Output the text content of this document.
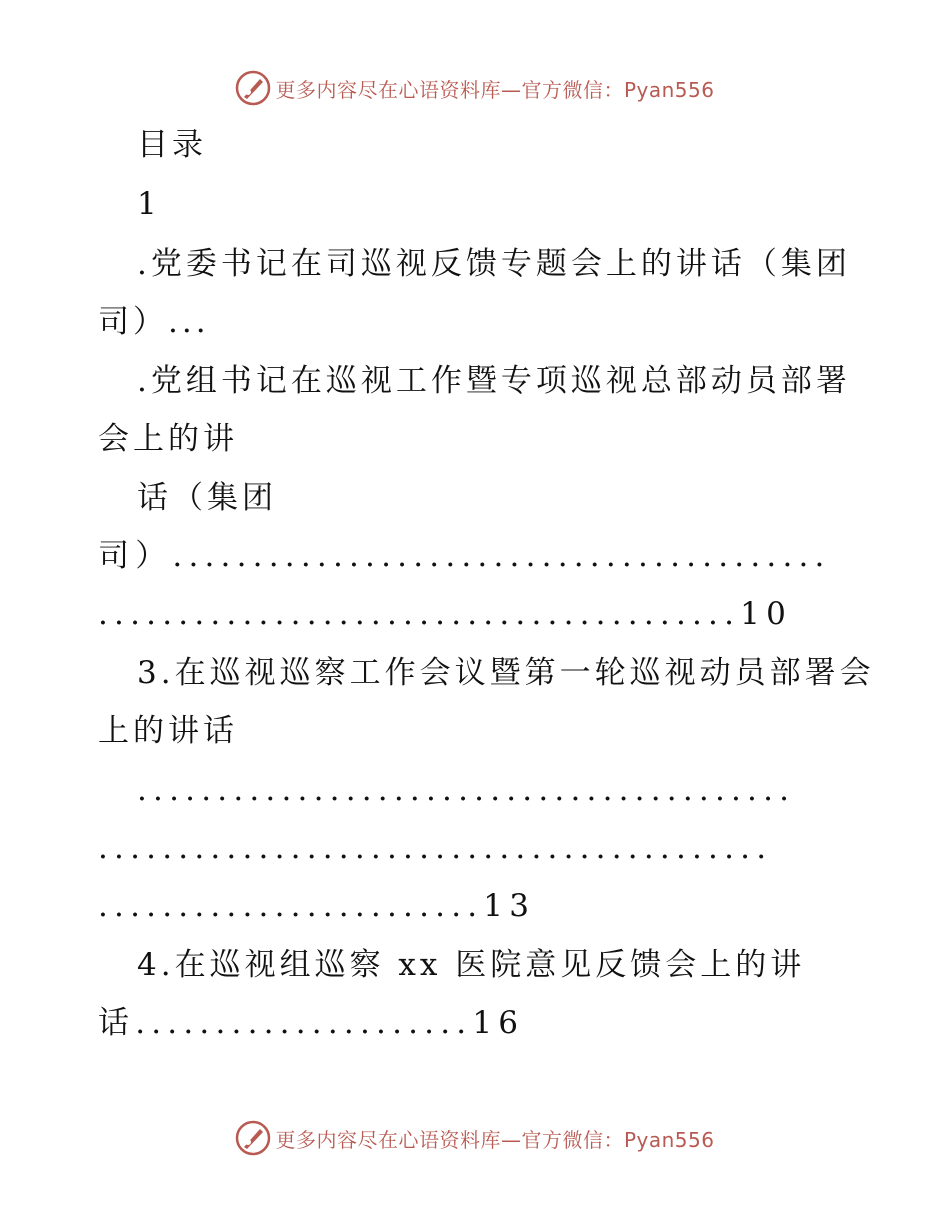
更多内容尽在心语资料库—官方微信：Pyan556

目录

1

.党委书记在司巡视反馈专题会上的讲话（集团

司）...

.党组书记在巡视工作暨专项巡视总部动员部署

会上的讲

话（集团

司）.........................................

........................................10

3.在巡视巡察工作会议暨第一轮巡视动员部署会

上的讲话

.........................................

..........................................

........................13

4.在巡视组巡察 xx 医院意见反馈会上的讲

话.....................16

更多内容尽在心语资料库—官方微信：Pyan556
